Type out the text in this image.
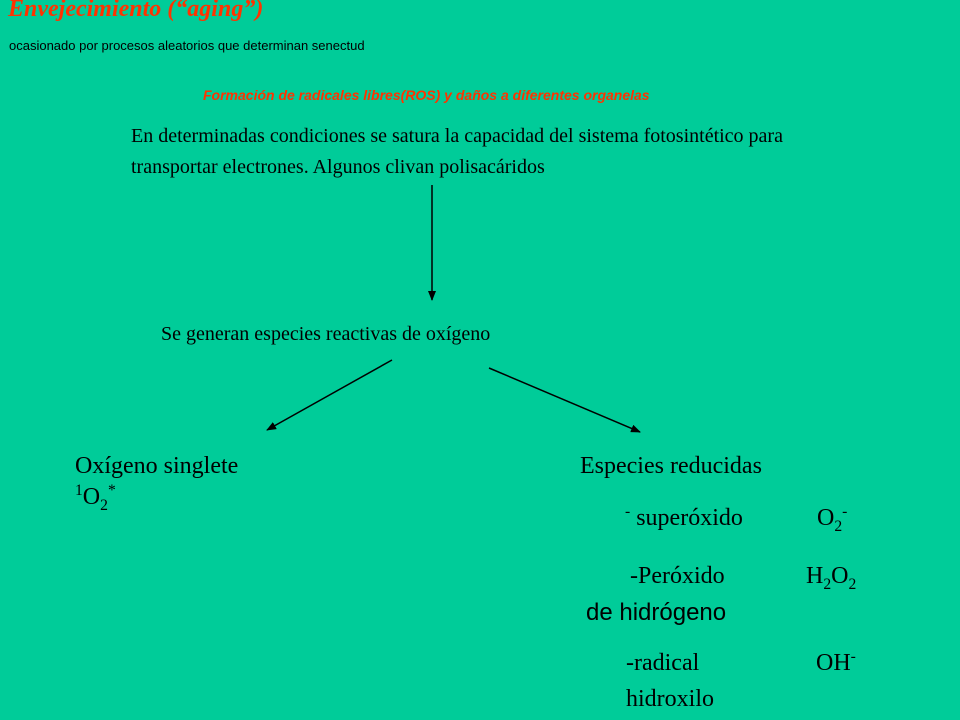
Envejecimiento (“aging”)
ocasionado por procesos aleatorios que determinan senectud
Formación de radicales libres(ROS) y daños a diferentes organelas
En determinadas condiciones se satura la capacidad del sistema fotosintético para transportar electrones. Algunos clivan polisacáridos
Se generan especies reactivas de oxígeno
Oxígeno singlete
$^1O_2^*$
Especies reducidas
- superóxido	$O_2^-$
-Peróxido	$H_2O_2$
de hidrógeno
-radical	OH-
hidroxilo
